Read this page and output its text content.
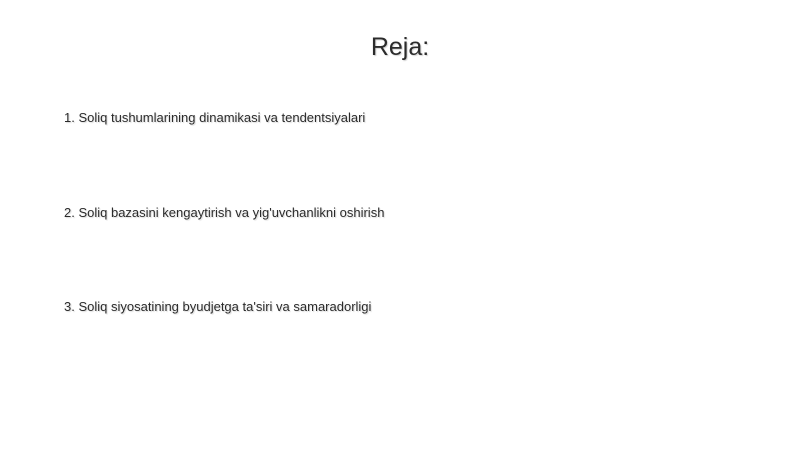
Reja:
1. Soliq tushumlarining dinamikasi va tendentsiyalari
2. Soliq bazasini kengaytirish va yig'uvchanlikni oshirish
3. Soliq siyosatining byudjetga ta'siri va samaradorligi
